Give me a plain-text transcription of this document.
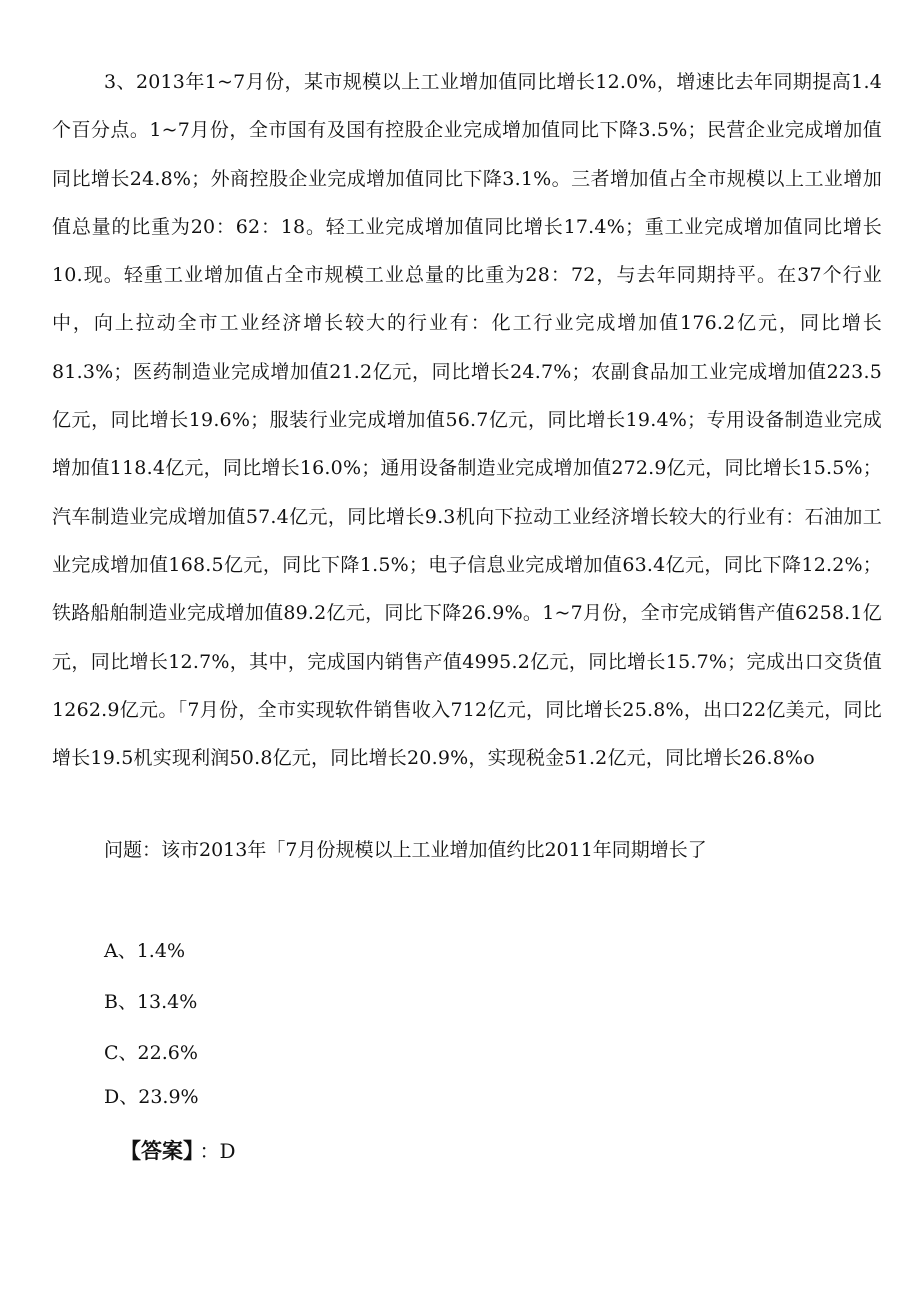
3、2013年1~7月份，某市规模以上工业增加值同比增长12.0%，增速比去年同期提高1.4个百分点。1~7月份，全市国有及国有控股企业完成增加值同比下降3.5%；民营企业完成增加值同比增长24.8%；外商控股企业完成增加值同比下降3.1%。三者增加值占全市规模以上工业增加值总量的比重为20：62：18。轻工业完成增加值同比增长17.4%；重工业完成增加值同比增长10.现。轻重工业增加值占全市规模工业总量的比重为28：72，与去年同期持平。在37个行业中，向上拉动全市工业经济增长较大的行业有：化工行业完成增加值176.2亿元，同比增长81.3%；医药制造业完成增加值21.2亿元，同比增长24.7%；农副食品加工业完成增加值223.5亿元，同比增长19.6%；服装行业完成增加值56.7亿元，同比增长19.4%；专用设备制造业完成增加值118.4亿元，同比增长16.0%；通用设备制造业完成增加值272.9亿元，同比增长15.5%；汽车制造业完成增加值57.4亿元，同比增长9.3机向下拉动工业经济增长较大的行业有：石油加工业完成增加值168.5亿元，同比下降1.5%；电子信息业完成增加值63.4亿元，同比下降12.2%；铁路船舶制造业完成增加值89.2亿元，同比下降26.9%。1~7月份，全市完成销售产值6258.1亿元，同比增长12.7%，其中，完成国内销售产值4995.2亿元，同比增长15.7%；完成出口交货值1262.9亿元。「7月份，全市实现软件销售收入712亿元，同比增长25.8%，出口22亿美元，同比增长19.5机实现利润50.8亿元，同比增长20.9%，实现税金51.2亿元，同比增长26.8%o

问题：该市2013年「7月份规模以上工业增加值约比2011年同期增长了
A、1.4%
B、13.4%
C、22.6%
D、23.9%
【答案】 ：D
